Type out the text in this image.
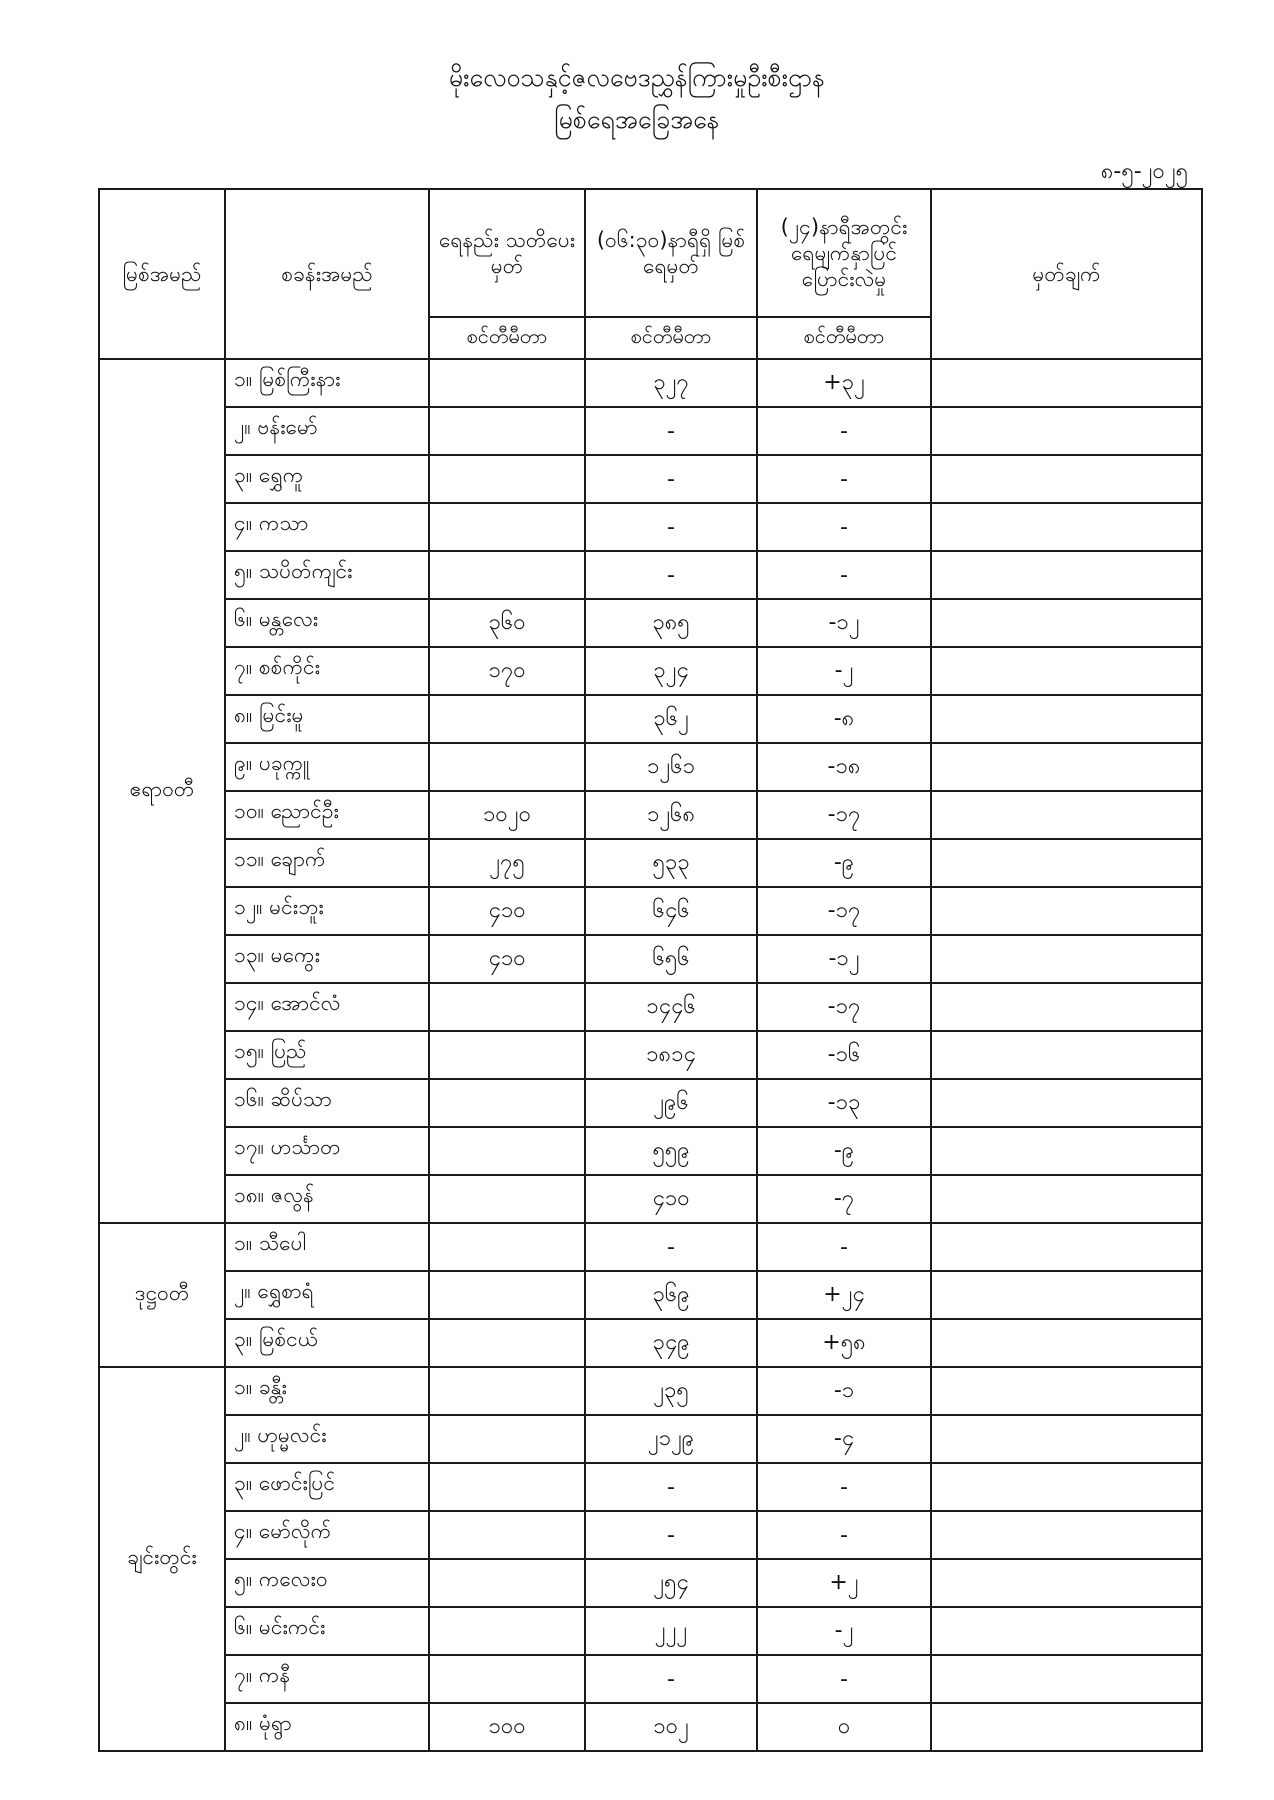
မိုးလေဝသနှင့်ဇလဗေဒညွှန်ကြားမှုဦးစီးဌာန
မြစ်ရေအခြေအနေ
၈-၅-၂၀၂၅
မြစ်အမည်	စခန်းအမည်	ရေနည်း သတိပေးမှတ်	(၀၆:၃၀)နာရီရှိ မြစ်ရေမှတ်	(၂၄)နာရီအတွင်း ရေမျက်နှာပြင် ပြောင်းလဲမှု	မှတ်ချက်
		စင်တီမီတာ	စင်တီမီတာ	စင်တီမီတာ	
ဧရာဝတီ	၁။ မြစ်ကြီးနား		၃၂၇	+၃၂	
	၂။ ဗန်းမော်		-	-	
	၃။ ရွှေကူ		-	-	
	၄။ ကသာ		-	-	
	၅။ သပိတ်ကျင်း		-	-	
	၆။ မန္တလေး	၃၆၀	၃၈၅	-၁၂	
	၇။ စစ်ကိုင်း	၁၇၀	၃၂၄	-၂	
	၈။ မြင်းမူ		၃၆၂	-၈	
	၉။ ပခုက္ကူ		၁၂၆၁	-၁၈	
	၁၀။ ညောင်ဦး	၁၀၂၀	၁၂၆၈	-၁၇	
	၁၁။ ချောက်	၂၇၅	၅၃၃	-၉	
	၁၂။ မင်းဘူး	၄၁၀	၆၄၆	-၁၇	
	၁၃။ မကွေး	၄၁၀	၆၅၆	-၁၂	
	၁၄။ အောင်လံ		၁၄၄၆	-၁၇	
	၁၅။ ပြည်		၁၈၁၄	-၁၆	
	၁၆။ ဆိပ်သာ		၂၉၆	-၁၃	
	၁၇။ ဟင်္သာတ		၅၅၉	-၉	
	၁၈။ ဇလွန်		၄၁၀	-၇	
ဒုဋ္ဌဝတီ	၁။ သီပေါ		-	-	
	၂။ ရွှေစာရံ		၃၆၉	+၂၄	
	၃။ မြစ်ငယ်		၃၄၉	+၅၈	
ချင်းတွင်း	၁။ ခန္တီး		၂၃၅	-၁	
	၂။ ဟုမ္မလင်း		၂၁၂၉	-၄	
	၃။ ဖောင်းပြင်		-	-	
	၄။ မော်လိုက်		-	-	
	၅။ ကလေးဝ		၂၅၄	+၂	
	၆။ မင်းကင်း		၂၂၂	-၂	
	၇။ ကနီ		-	-	
	၈။ မုံရွာ	၁၀၀	၁၀၂	၀	
